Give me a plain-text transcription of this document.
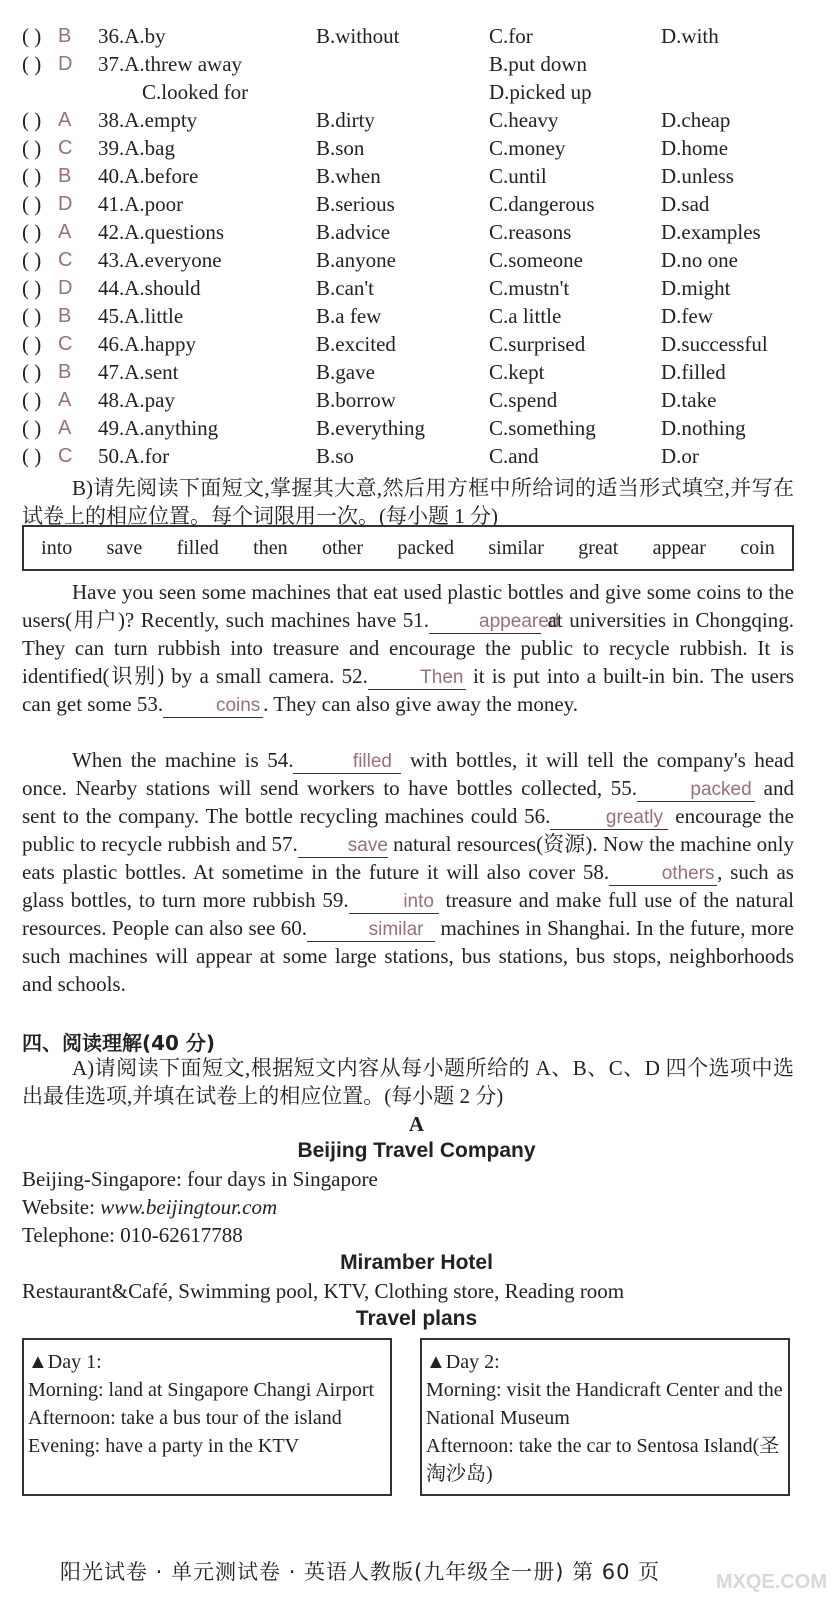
( ) B 36.A.by	B.without	C.for	D.with
( ) D 37.A.threw away	B.put down
C.looked for	D.picked up
( ) A 38.A.empty	B.dirty	C.heavy	D.cheap
( ) C 39.A.bag	B.son	C.money	D.home
( ) B 40.A.before	B.when	C.until	D.unless
( ) D 41.A.poor	B.serious	C.dangerous	D.sad
( ) A 42.A.questions	B.advice	C.reasons	D.examples
( ) C 43.A.everyone	B.anyone	C.someone	D.no one
( ) D 44.A.should	B.can't	C.mustn't	D.might
( ) B 45.A.little	B.a few	C.a little	D.few
( ) C 46.A.happy	B.excited	C.surprised	D.successful
( ) B 47.A.sent	B.gave	C.kept	D.filled
( ) A 48.A.pay	B.borrow	C.spend	D.take
( ) A 49.A.anything	B.everything	C.something	D.nothing
( ) C 50.A.for	B.so	C.and	D.or
B)请先阅读下面短文,掌握其大意,然后用方框中所给词的适当形式填空,并写在试卷上的相应位置。每个词限用一次。(每小题 1 分)
into save filled then other packed similar great appear coin
Have you seen some machines that eat used plastic bottles and give some coins to the users(用户)? Recently, such machines have 51.	appeared at universities in Chongqing. They can turn rubbish into treasure and encourage the public to recycle rubbish. It is identified(识别) by a small camera. 52.	Then it is put into a built-in bin. The users can get some 53.	coins . They can also give away the money.
When the machine is 54.	filled with bottles, it will tell the company's head once. Nearby stations will send workers to have bottles collected, 55.	packed and sent to the company. The bottle recycling machines could 56.	greatly encourage the public to recycle rubbish and 57.	save natural resources(资源). Now the machine only eats plastic bottles. At sometime in the future it will also cover 58.	others , such as glass bottles, to turn more rubbish 59.	into treasure and make full use of the natural resources. People can also see 60.	similar machines in Shanghai. In the future, more such machines will appear at some large stations, bus stations, bus stops, neighborhoods and schools.
四、阅读理解(40 分)
A)请阅读下面短文,根据短文内容从每小题所给的 A、B、C、D 四个选项中选出最佳选项,并填在试卷上的相应位置。(每小题 2 分)
A
Beijing Travel Company
Beijing-Singapore: four days in Singapore
Website: www.beijingtour.com
Telephone: 010-62617788
Miramber Hotel
Restaurant&Café, Swimming pool, KTV, Clothing store, Reading room
Travel plans
▲Day 1:
Morning: land at Singapore Changi Airport
Afternoon: take a bus tour of the island
Evening: have a party in the KTV
▲Day 2:
Morning: visit the Handicraft Center and the National Museum
Afternoon: take the car to Sentosa Island(圣淘沙岛)
阳光试卷 · 单元测试卷 · 英语人教版(九年级全一册) 第 60 页	MXQE.COM
